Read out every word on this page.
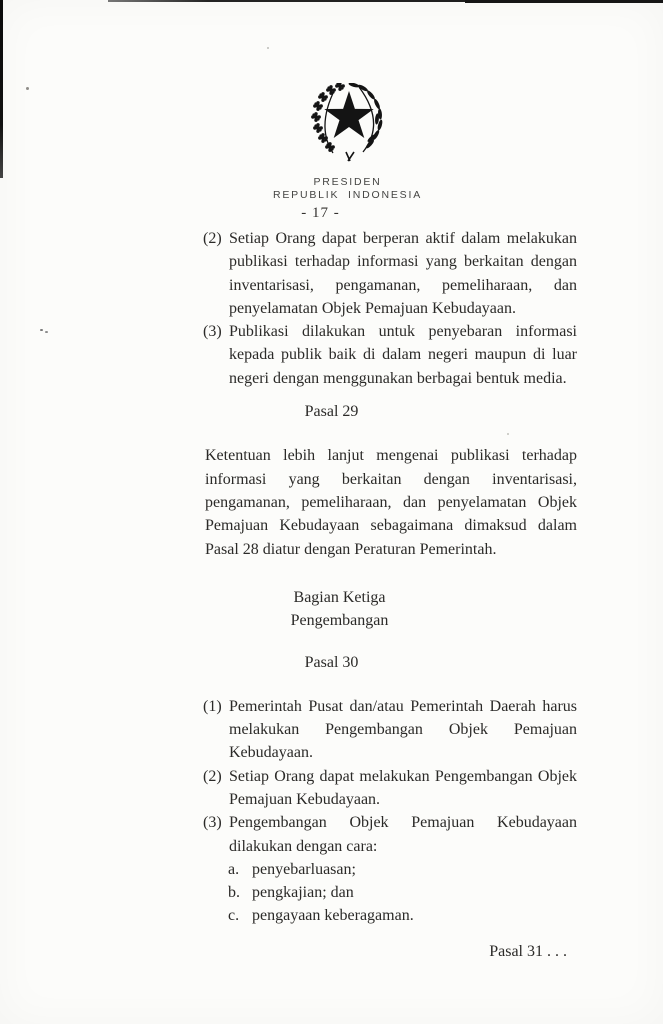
PRESIDEN
REPUBLIK INDONESIA
- 17 -
(2) Setiap Orang dapat berperan aktif dalam melakukan publikasi terhadap informasi yang berkaitan dengan inventarisasi, pengamanan, pemeliharaan, dan penyelamatan Objek Pemajuan Kebudayaan.
(3) Publikasi dilakukan untuk penyebaran informasi kepada publik baik di dalam negeri maupun di luar negeri dengan menggunakan berbagai bentuk media.
Pasal 29
Ketentuan lebih lanjut mengenai publikasi terhadap informasi yang berkaitan dengan inventarisasi, pengamanan, pemeliharaan, dan penyelamatan Objek Pemajuan Kebudayaan sebagaimana dimaksud dalam Pasal 28 diatur dengan Peraturan Pemerintah.
Bagian Ketiga
Pengembangan
Pasal 30
(1) Pemerintah Pusat dan/atau Pemerintah Daerah harus melakukan Pengembangan Objek Pemajuan Kebudayaan.
(2) Setiap Orang dapat melakukan Pengembangan Objek Pemajuan Kebudayaan.
(3) Pengembangan Objek Pemajuan Kebudayaan dilakukan dengan cara:
a. penyebarluasan;
b. pengkajian; dan
c. pengayaan keberagaman.
Pasal 31 . . .
